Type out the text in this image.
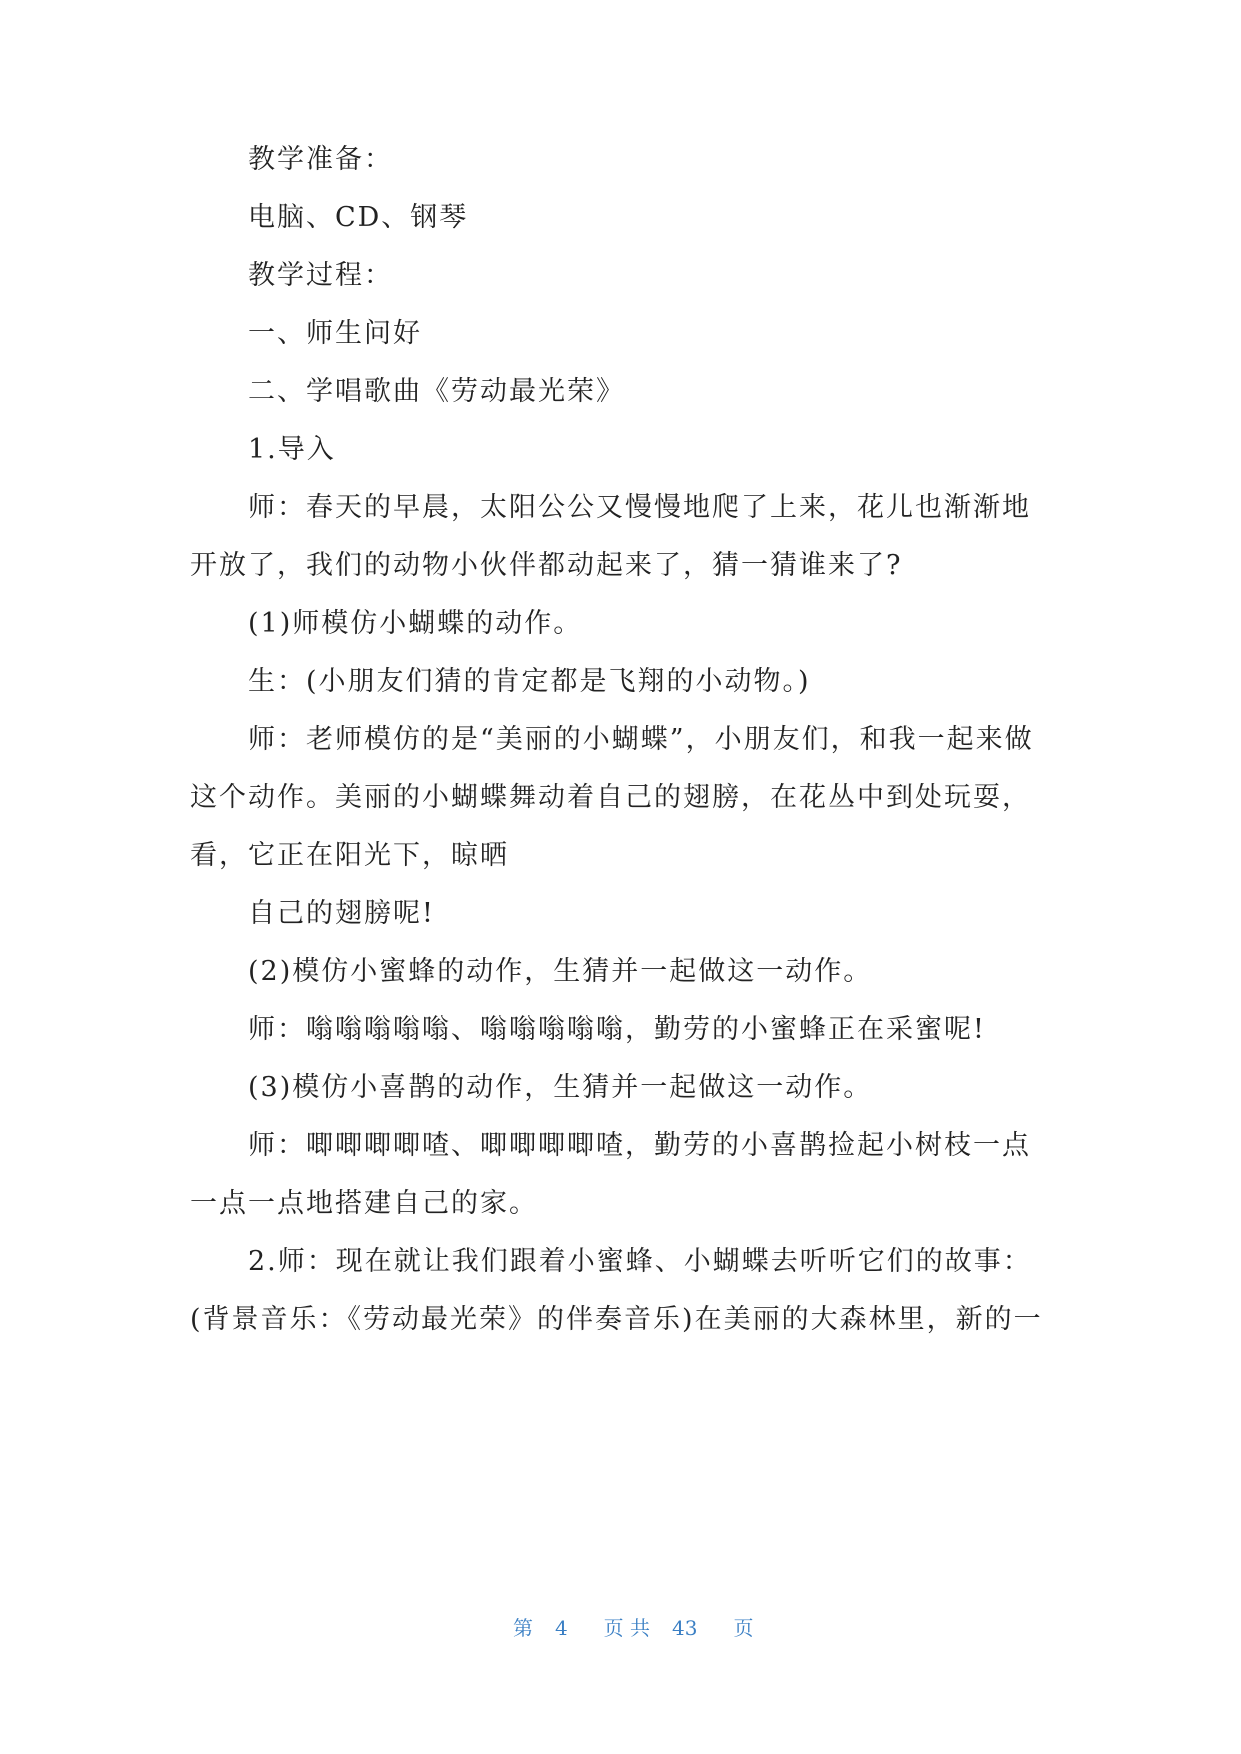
教学准备：
电脑、CD、钢琴
教学过程：
一、师生问好
二、学唱歌曲《劳动最光荣》
1.导入
师：春天的早晨，太阳公公又慢慢地爬了上来，花儿也渐渐地
开放了，我们的动物小伙伴都动起来了，猜一猜谁来了?
(1)师模仿小蝴蝶的动作。
生：(小朋友们猜的肯定都是飞翔的小动物。)
师：老师模仿的是“美丽的小蝴蝶”，小朋友们，和我一起来做
这个动作。美丽的小蝴蝶舞动着自己的翅膀，在花丛中到处玩耍，
看，它正在阳光下，晾晒
自己的翅膀呢!
(2)模仿小蜜蜂的动作，生猜并一起做这一动作。
师：嗡嗡嗡嗡嗡、嗡嗡嗡嗡嗡，勤劳的小蜜蜂正在采蜜呢!
(3)模仿小喜鹊的动作，生猜并一起做这一动作。
师：唧唧唧唧喳、唧唧唧唧喳，勤劳的小喜鹊捡起小树枝一点
一点一点地搭建自己的家。
2.师：现在就让我们跟着小蜜蜂、小蝴蝶去听听它们的故事：
(背景音乐：《劳动最光荣》的伴奏音乐)在美丽的大森林里，新的一

第 4 页 共 43 页
